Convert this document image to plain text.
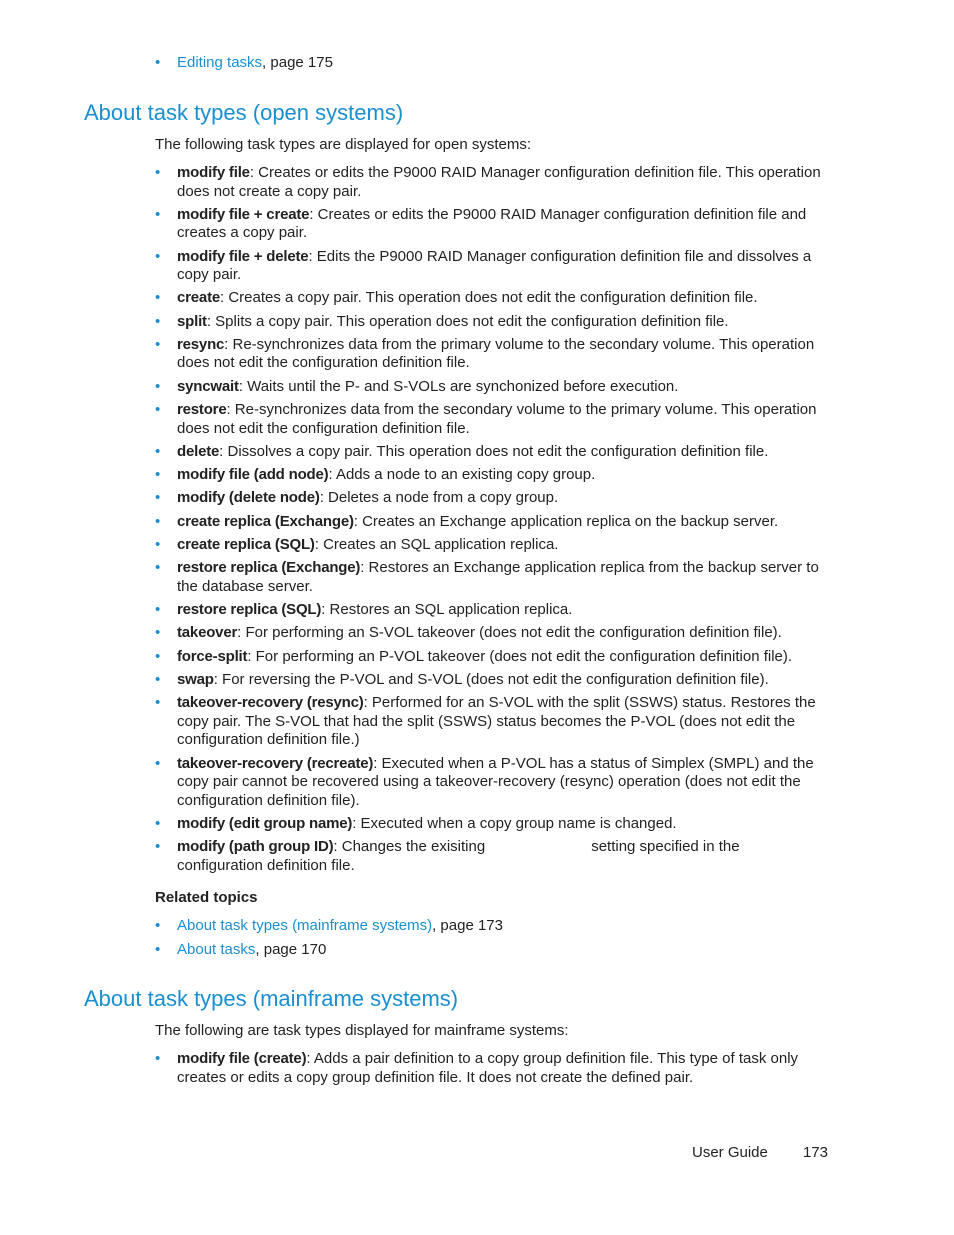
• Editing tasks, page 175
About task types (open systems)

The following task types are displayed for open systems:

• modify file: Creates or edits the P9000 RAID Manager configuration definition file. This operation does not create a copy pair.
• modify file + create: Creates or edits the P9000 RAID Manager configuration definition file and creates a copy pair.
• modify file + delete: Edits the P9000 RAID Manager configuration definition file and dissolves a copy pair.
• create: Creates a copy pair. This operation does not edit the configuration definition file.
• split: Splits a copy pair. This operation does not edit the configuration definition file.
• resync: Re-synchronizes data from the primary volume to the secondary volume. This operation does not edit the configuration definition file.
• syncwait: Waits until the P- and S-VOLs are synchonized before execution.
• restore: Re-synchronizes data from the secondary volume to the primary volume. This operation does not edit the configuration definition file.
• delete: Dissolves a copy pair. This operation does not edit the configuration definition file.
• modify file (add node): Adds a node to an existing copy group.
• modify (delete node): Deletes a node from a copy group.
• create replica (Exchange): Creates an Exchange application replica on the backup server.
• create replica (SQL): Creates an SQL application replica.
• restore replica (Exchange): Restores an Exchange application replica from the backup server to the database server.
• restore replica (SQL): Restores an SQL application replica.
• takeover: For performing an S-VOL takeover (does not edit the configuration definition file).
• force-split: For performing an P-VOL takeover (does not edit the configuration definition file).
• swap: For reversing the P-VOL and S-VOL (does not edit the configuration definition file).
• takeover-recovery (resync): Performed for an S-VOL with the split (SSWS) status. Restores the copy pair. The S-VOL that had the split (SSWS) status becomes the P-VOL (does not edit the configuration definition file.)
• takeover-recovery (recreate): Executed when a P-VOL has a status of Simplex (SMPL) and the copy pair cannot be recovered using a takeover-recovery (resync) operation (does not edit the configuration definition file).
• modify (edit group name): Executed when a copy group name is changed.
• modify (path group ID): Changes the exisiting	setting specified in the configuration definition file.

Related topics

• About task types (mainframe systems), page 173
• About tasks, page 170
About task types (mainframe systems)

The following are task types displayed for mainframe systems:

• modify file (create): Adds a pair definition to a copy group definition file. This type of task only creates or edits a copy group definition file. It does not create the defined pair.
User Guide 173
